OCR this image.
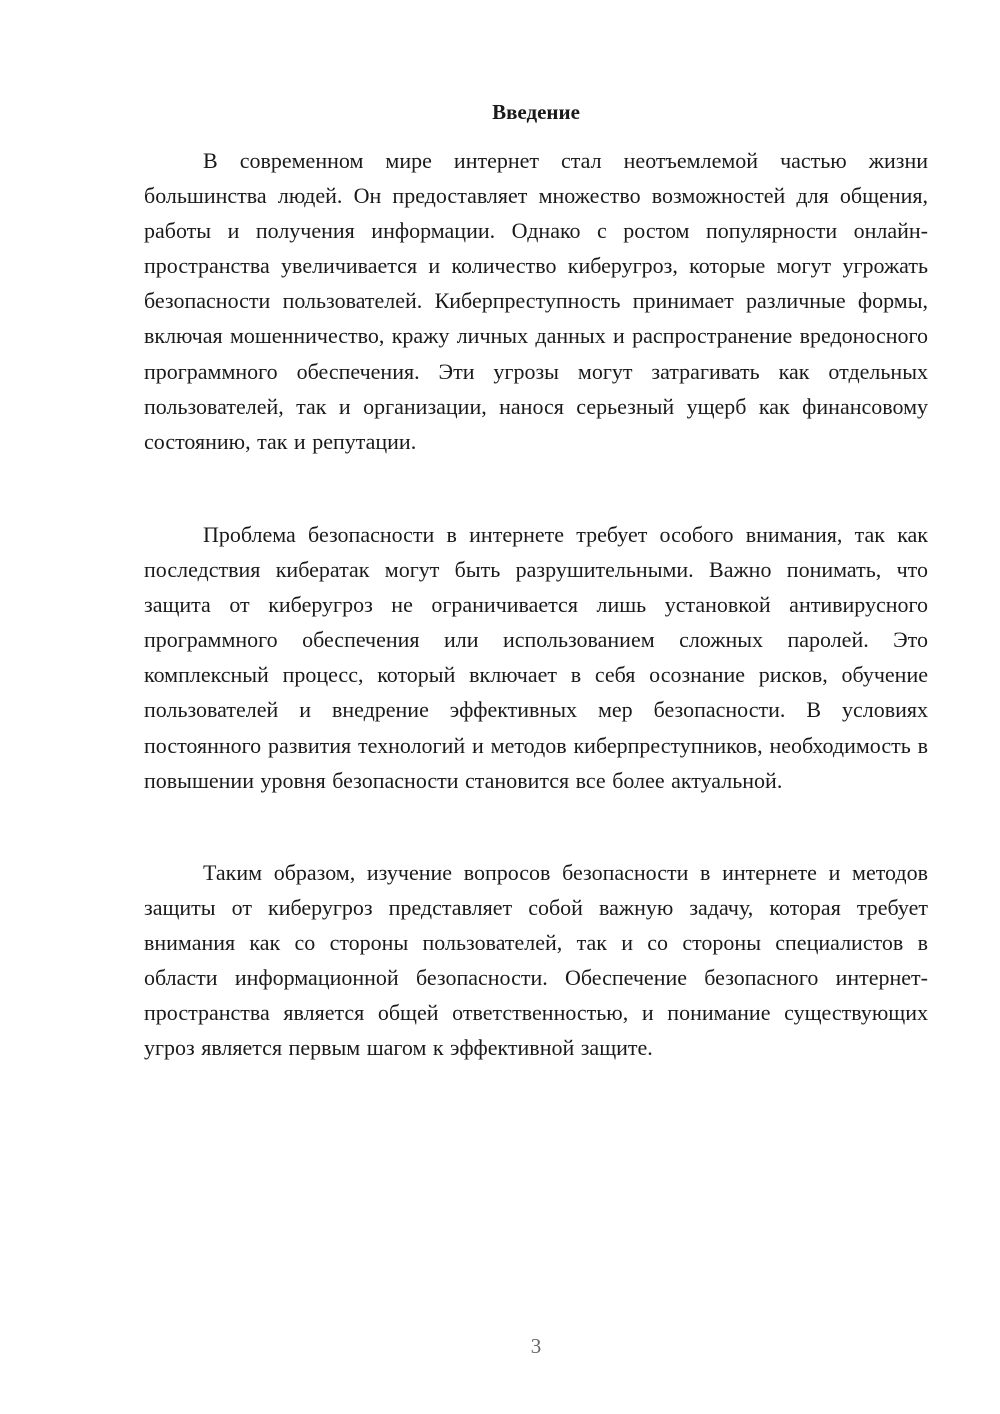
Введение

В современном мире интернет стал неотъемлемой частью жизни большинства людей. Он предоставляет множество возможностей для общения, работы и получения информации. Однако с ростом популярности онлайн-пространства увеличивается и количество киберугроз, которые могут угрожать безопасности пользователей. Киберпреступность принимает различные формы, включая мошенничество, кражу личных данных и распространение вредоносного программного обеспечения. Эти угрозы могут затрагивать как отдельных пользователей, так и организации, нанося серьезный ущерб как финансовому состоянию, так и репутации.

Проблема безопасности в интернете требует особого внимания, так как последствия кибератак могут быть разрушительными. Важно понимать, что защита от киберугроз не ограничивается лишь установкой антивирусного программного обеспечения или использованием сложных паролей. Это комплексный процесс, который включает в себя осознание рисков, обучение пользователей и внедрение эффективных мер безопасности. В условиях постоянного развития технологий и методов киберпреступников, необходимость в повышении уровня безопасности становится все более актуальной.

Таким образом, изучение вопросов безопасности в интернете и методов защиты от киберугроз представляет собой важную задачу, которая требует внимания как со стороны пользователей, так и со стороны специалистов в области информационной безопасности. Обеспечение безопасного интернет-пространства является общей ответственностью, и понимание существующих угроз является первым шагом к эффективной защите.

3
